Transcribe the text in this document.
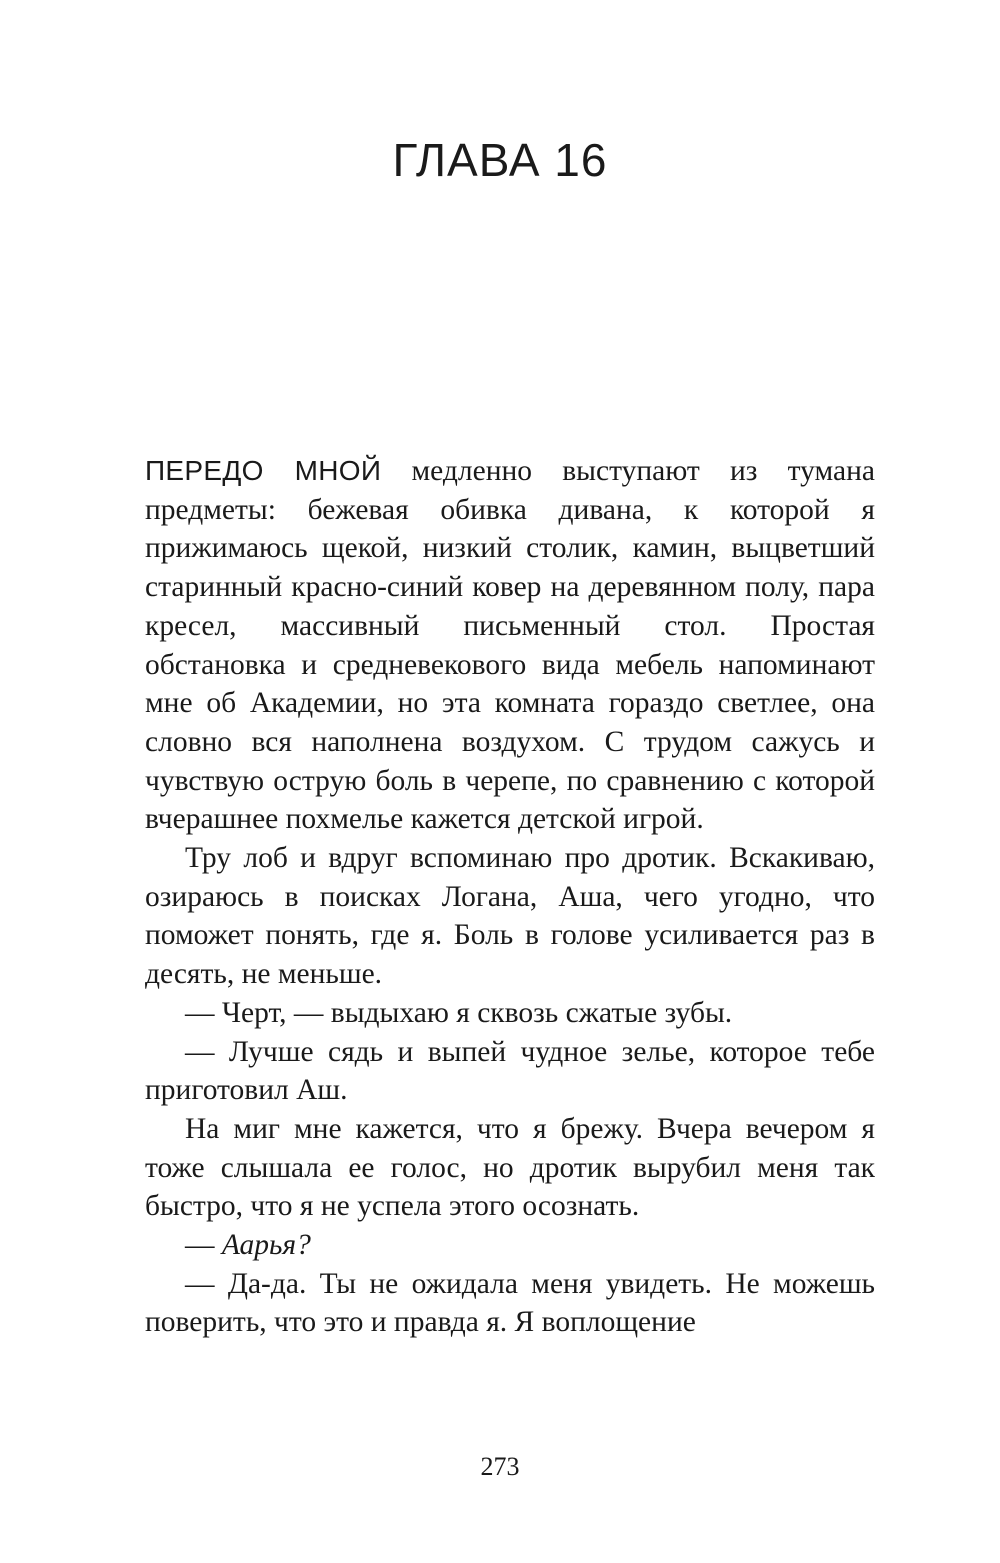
ГЛАВА 16

ПЕРЕДО МНОЙ медленно выступают из тумана предметы: бежевая обивка дивана, к которой я прижимаюсь щекой, низкий столик, камин, выцветший старинный красно-синий ковер на деревянном полу, пара кресел, массивный письменный стол. Простая обстановка и средневекового вида мебель напоминают мне об Академии, но эта комната гораздо светлее, она словно вся наполнена воздухом. С трудом сажусь и чувствую острую боль в черепе, по сравнению с которой вчерашнее похмелье кажется детской игрой.

Тру лоб и вдруг вспоминаю про дротик. Вскакиваю, озираюсь в поисках Логана, Аша, чего угодно, что поможет понять, где я. Боль в голове усиливается раз в десять, не меньше.

— Черт, — выдыхаю я сквозь сжатые зубы.

— Лучше сядь и выпей чудное зелье, которое тебе приготовил Аш.

На миг мне кажется, что я брежу. Вчера вечером я тоже слышала ее голос, но дротик вырубил меня так быстро, что я не успела этого осознать.

— Аарья?

— Да-да. Ты не ожидала меня увидеть. Не можешь поверить, что это и правда я. Я воплощение

273
